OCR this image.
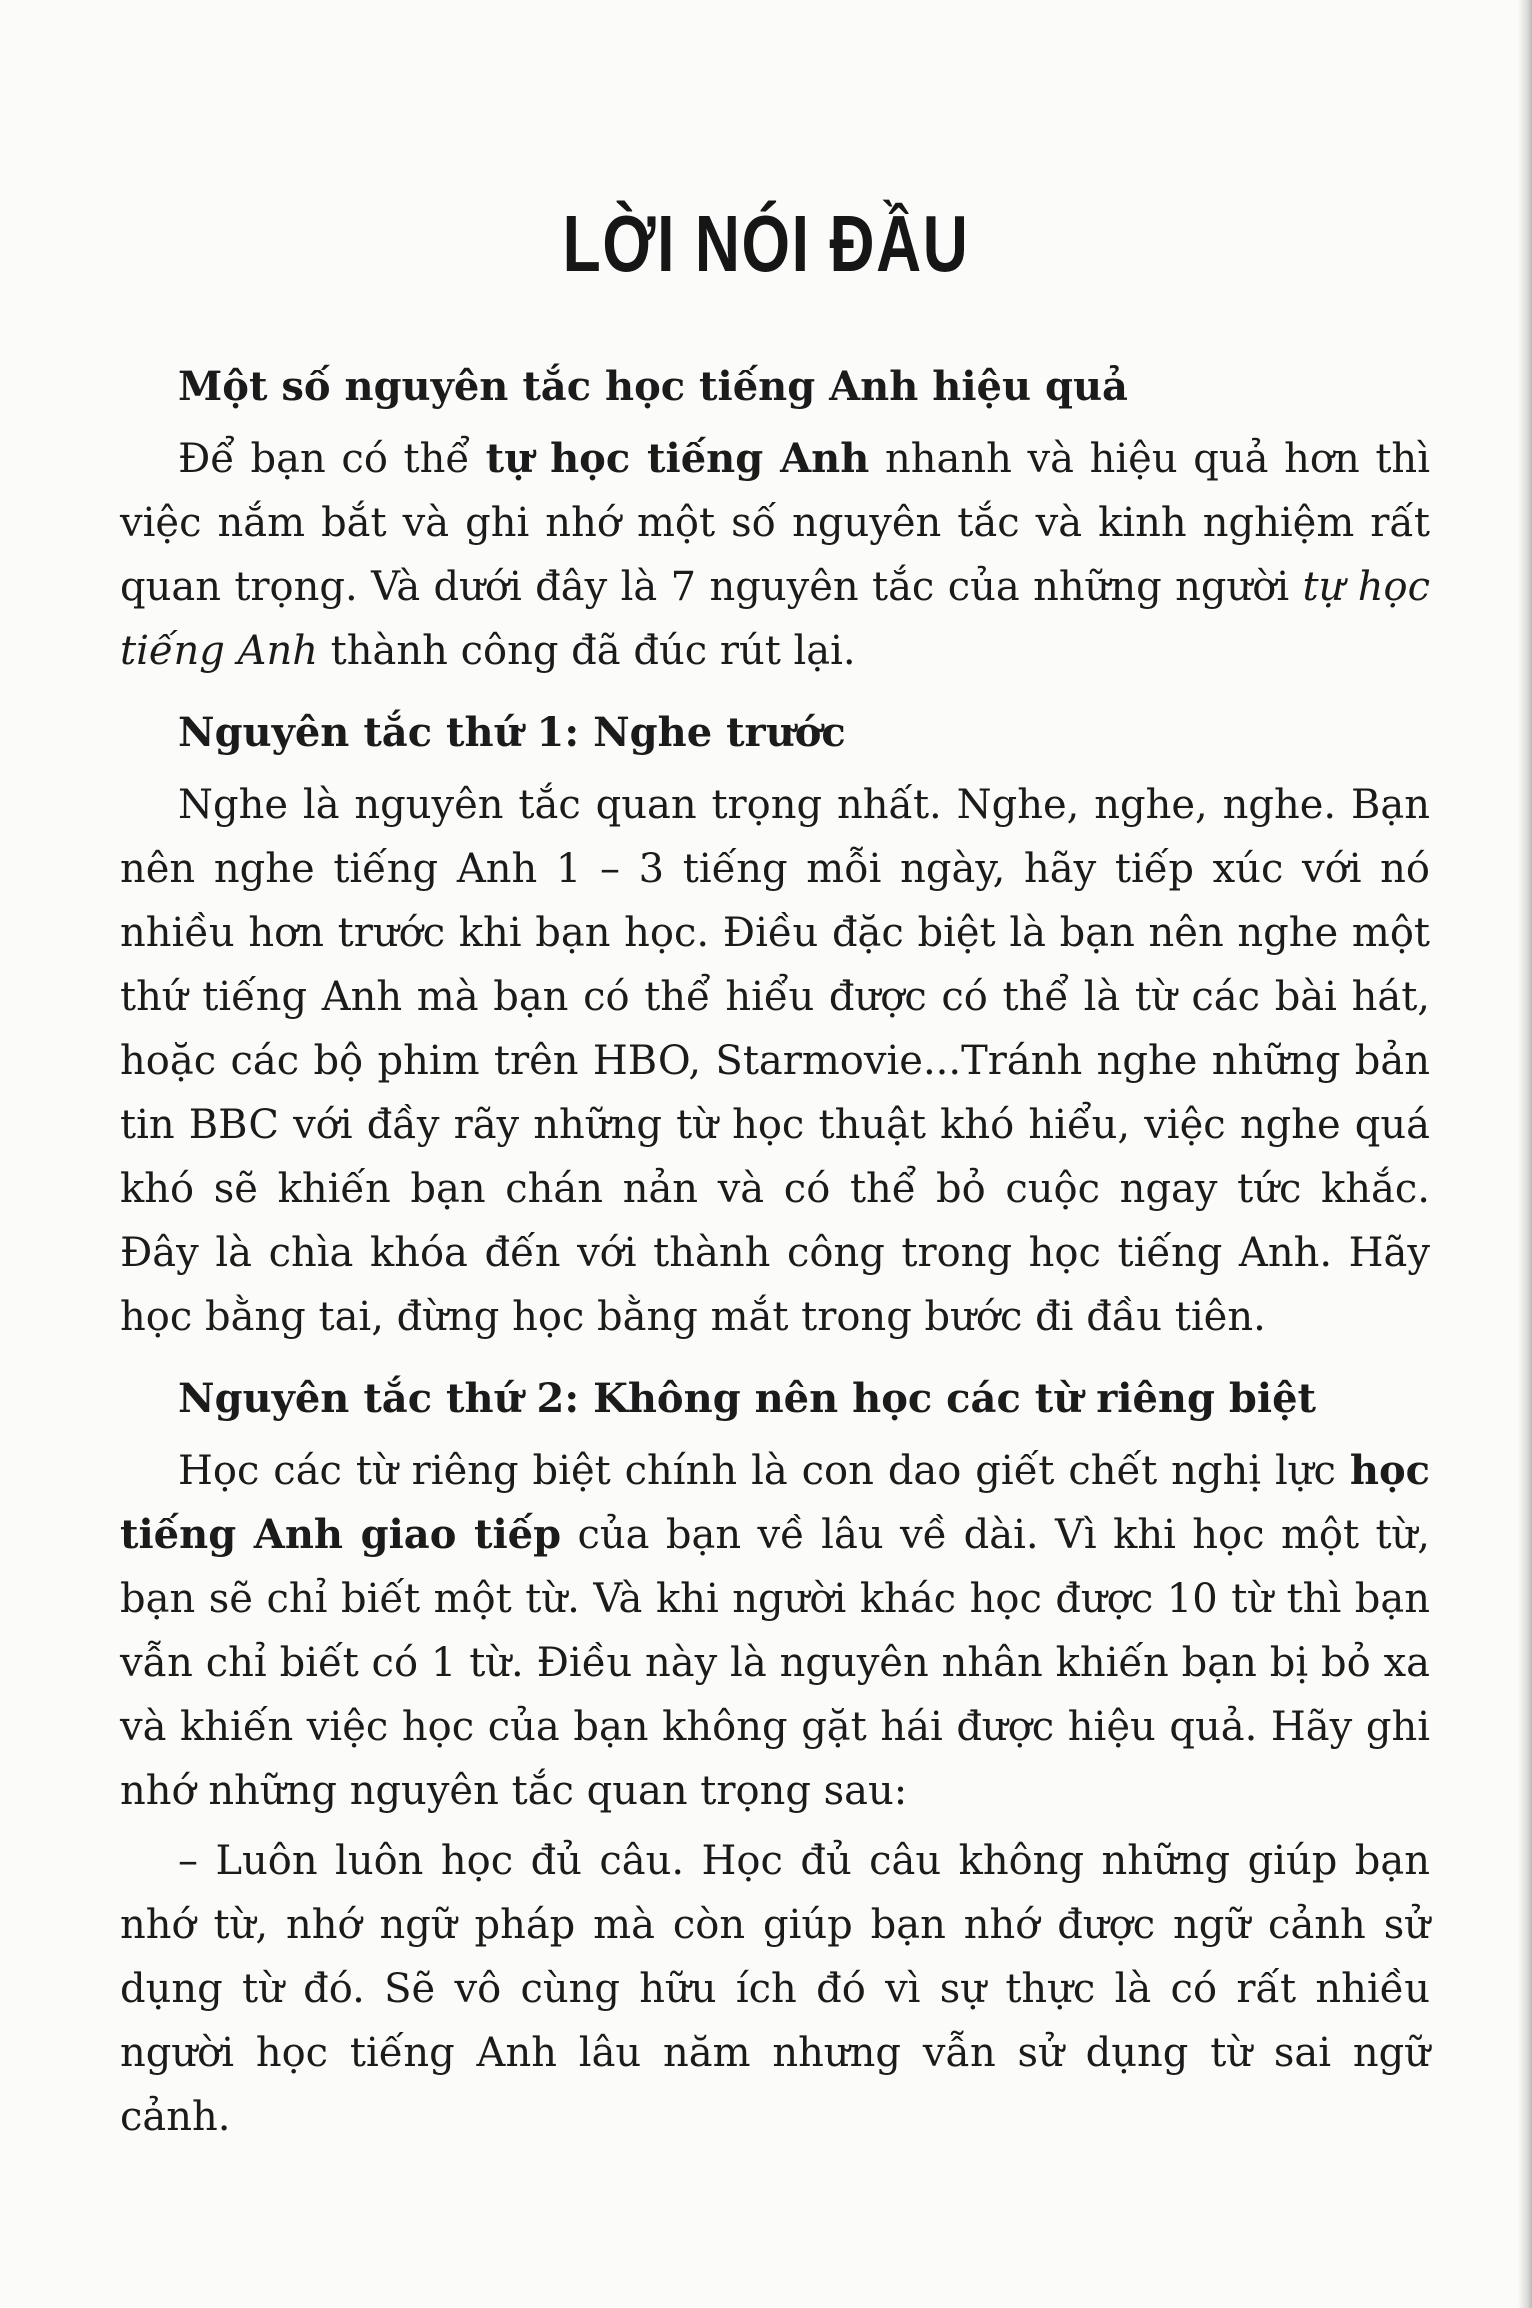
LỜI NÓI ĐẦU

Một số nguyên tắc học tiếng Anh hiệu quả

Để bạn có thể tự học tiếng Anh nhanh và hiệu quả hơn thì việc nắm bắt và ghi nhớ một số nguyên tắc và kinh nghiệm rất quan trọng. Và dưới đây là 7 nguyên tắc của những người tự học tiếng Anh thành công đã đúc rút lại.

Nguyên tắc thứ 1: Nghe trước

Nghe là nguyên tắc quan trọng nhất. Nghe, nghe, nghe. Bạn nên nghe tiếng Anh 1 – 3 tiếng mỗi ngày, hãy tiếp xúc với nó nhiều hơn trước khi bạn học. Điều đặc biệt là bạn nên nghe một thứ tiếng Anh mà bạn có thể hiểu được có thể là từ các bài hát, hoặc các bộ phim trên HBO, Starmovie...Tránh nghe những bản tin BBC với đầy rãy những từ học thuật khó hiểu, việc nghe quá khó sẽ khiến bạn chán nản và có thể bỏ cuộc ngay tức khắc. Đây là chìa khóa đến với thành công trong học tiếng Anh. Hãy học bằng tai, đừng học bằng mắt trong bước đi đầu tiên.

Nguyên tắc thứ 2: Không nên học các từ riêng biệt

Học các từ riêng biệt chính là con dao giết chết nghị lực học tiếng Anh giao tiếp của bạn về lâu về dài. Vì khi học một từ, bạn sẽ chỉ biết một từ. Và khi người khác học được 10 từ thì bạn vẫn chỉ biết có 1 từ. Điều này là nguyên nhân khiến bạn bị bỏ xa và khiến việc học của bạn không gặt hái được hiệu quả. Hãy ghi nhớ những nguyên tắc quan trọng sau:

– Luôn luôn học đủ câu. Học đủ câu không những giúp bạn nhớ từ, nhớ ngữ pháp mà còn giúp bạn nhớ được ngữ cảnh sử dụng từ đó. Sẽ vô cùng hữu ích đó vì sự thực là có rất nhiều người học tiếng Anh lâu năm nhưng vẫn sử dụng từ sai ngữ cảnh.
